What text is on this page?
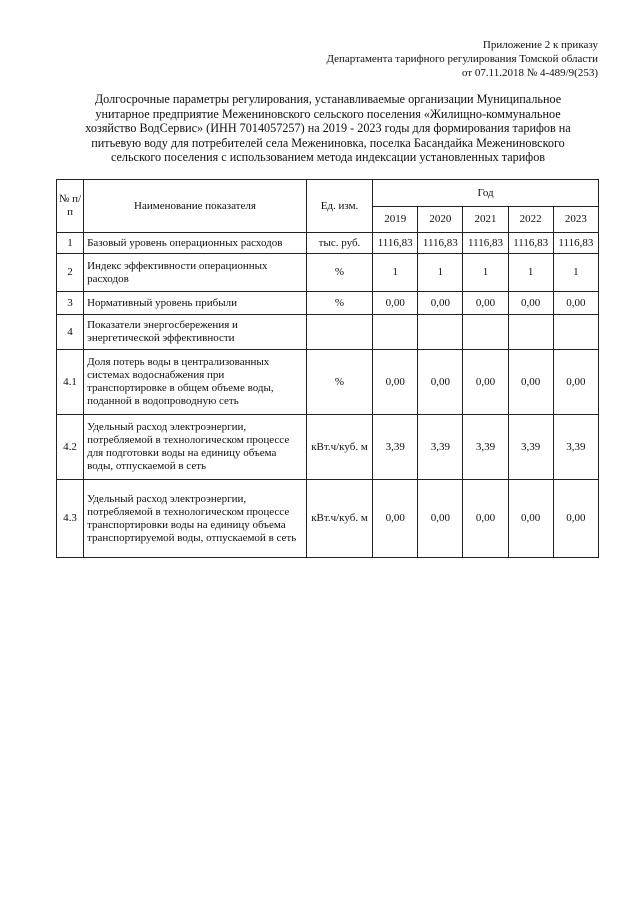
Приложение 2 к приказу
Департамента тарифного регулирования Томской области
от 07.11.2018 № 4-489/9(253)
Долгосрочные параметры регулирования, устанавливаемые организации Муниципальное
унитарное предприятие Межениновского сельского поселения «Жилищно-коммунальное
хозяйство ВодСервис» (ИНН 7014057257) на 2019 - 2023 годы для формирования тарифов на
питьевую воду для потребителей села Межениновка, поселка Басандайка Межениновского
сельского поселения с использованием метода индексации установленных тарифов
№ п/п	Наименование показателя	Ед. изм.	Год				
			2019	2020	2021	2022	2023
1	Базовый уровень операционных расходов	тыс. руб.	1116,83	1116,83	1116,83	1116,83	1116,83
2	Индекс эффективности операционных расходов	%	1	1	1	1	1
3	Нормативный уровень прибыли	%	0,00	0,00	0,00	0,00	0,00
4	Показатели энергосбережения и энергетической эффективности						

4.1	Доля потерь воды в централизованных системах водоснабжения при транспортировке в общем объеме воды, поданной в водопроводную сеть	%	0,00	0,00	0,00	0,00	0,00
4.2	Удельный расход электроэнергии, потребляемой в технологическом процессе для подготовки воды на единицу объема воды, отпускаемой в сеть	кВт.ч/куб. м	3,39	3,39	3,39	3,39	3,39
4.3	Удельный расход электроэнергии, потребляемой в технологическом процессе транспортировки воды на единицу объема транспортируемой воды, отпускаемой в сеть	кВт.ч/куб. м	0,00	0,00	0,00	0,00	0,00
